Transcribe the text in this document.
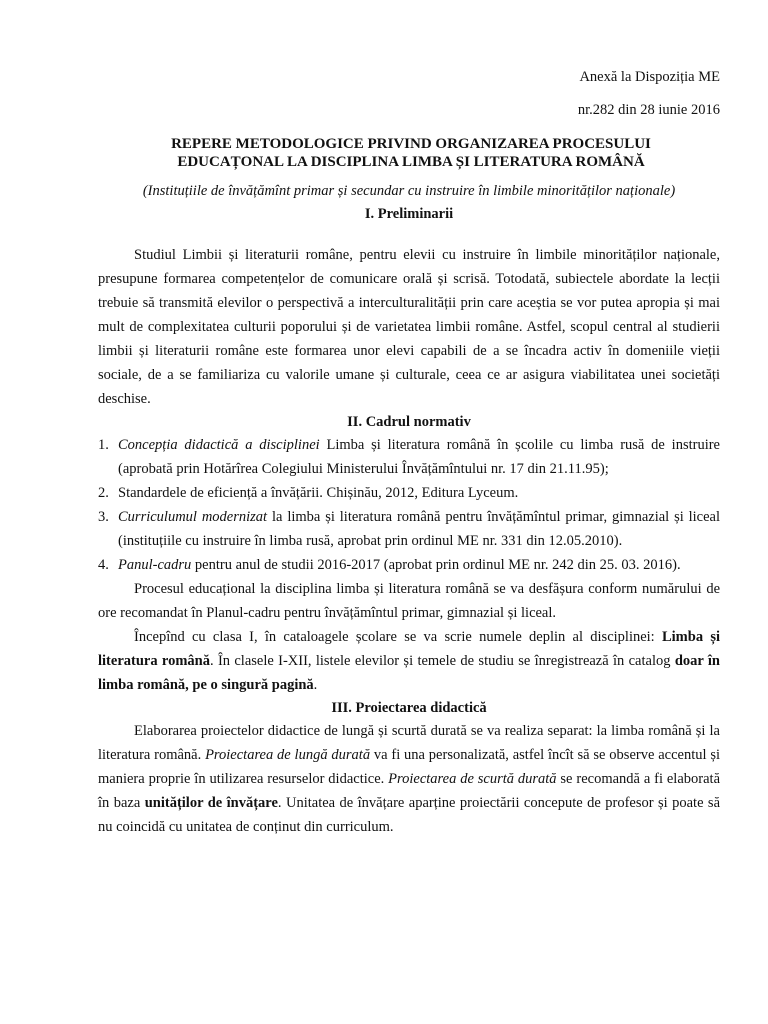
Anexă la Dispoziția ME
nr.282 din 28 iunie 2016
REPERE METODOLOGICE PRIVIND ORGANIZAREA PROCESULUI
EDUCAȚONAL LA DISCIPLINA LIMBA ȘI LITERATURA ROMÂNĂ
(Instituțiile de învățămînt primar și secundar cu instruire în limbile minorităților naționale)
I. Preliminarii

Studiul Limbii și literaturii române, pentru elevii cu instruire în limbile minorităților naționale, presupune formarea competențelor de comunicare orală și scrisă. Totodată, subiectele abordate la lecții trebuie să transmită elevilor o perspectivă a interculturalității prin care aceștia se vor putea apropia și mai mult de complexitatea culturii poporului și de varietatea limbii române. Astfel, scopul central al studierii limbii și literaturii române este formarea unor elevi capabili de a se încadra activ în domeniile vieții sociale, de a se familiariza cu valorile umane și culturale, ceea ce ar asigura viabilitatea unei societăți deschise.

II. Cadrul normativ
1. Concepția didactică a disciplinei Limba și literatura română în școlile cu limba rusă de instruire (aprobată prin Hotărîrea Colegiului Ministerului Învățămîntului nr. 17 din 21.11.95);
2. Standardele de eficiență a învățării. Chișinău, 2012, Editura Lyceum.
3. Curriculumul modernizat la limba și literatura română pentru învățămîntul primar, gimnazial și liceal (instituțiile cu instruire în limba rusă, aprobat prin ordinul ME nr. 331 din 12.05.2010).
4. Panul-cadru pentru anul de studii 2016-2017 (aprobat prin ordinul ME nr. 242 din 25. 03. 2016).

Procesul educațional la disciplina limba și literatura română se va desfășura conform numărului de ore recomandat în Planul-cadru pentru învățămîntul primar, gimnazial și liceal.

Începînd cu clasa I, în cataloagele școlare se va scrie numele deplin al disciplinei: Limba și literatura română. În clasele I-XII, listele elevilor și temele de studiu se înregistrează în catalog doar în limba română, pe o singură pagină.

III. Proiectarea didactică

Elaborarea proiectelor didactice de lungă și scurtă durată se va realiza separat: la limba română și la literatura română. Proiectarea de lungă durată va fi una personalizată, astfel încît să se observe accentul și maniera proprie în utilizarea resurselor didactice. Proiectarea de scurtă durată se recomandă a fi elaborată în baza unităților de învățare. Unitatea de învățare aparține proiectării concepute de profesor și poate să nu coincidă cu unitatea de conținut din curriculum.
